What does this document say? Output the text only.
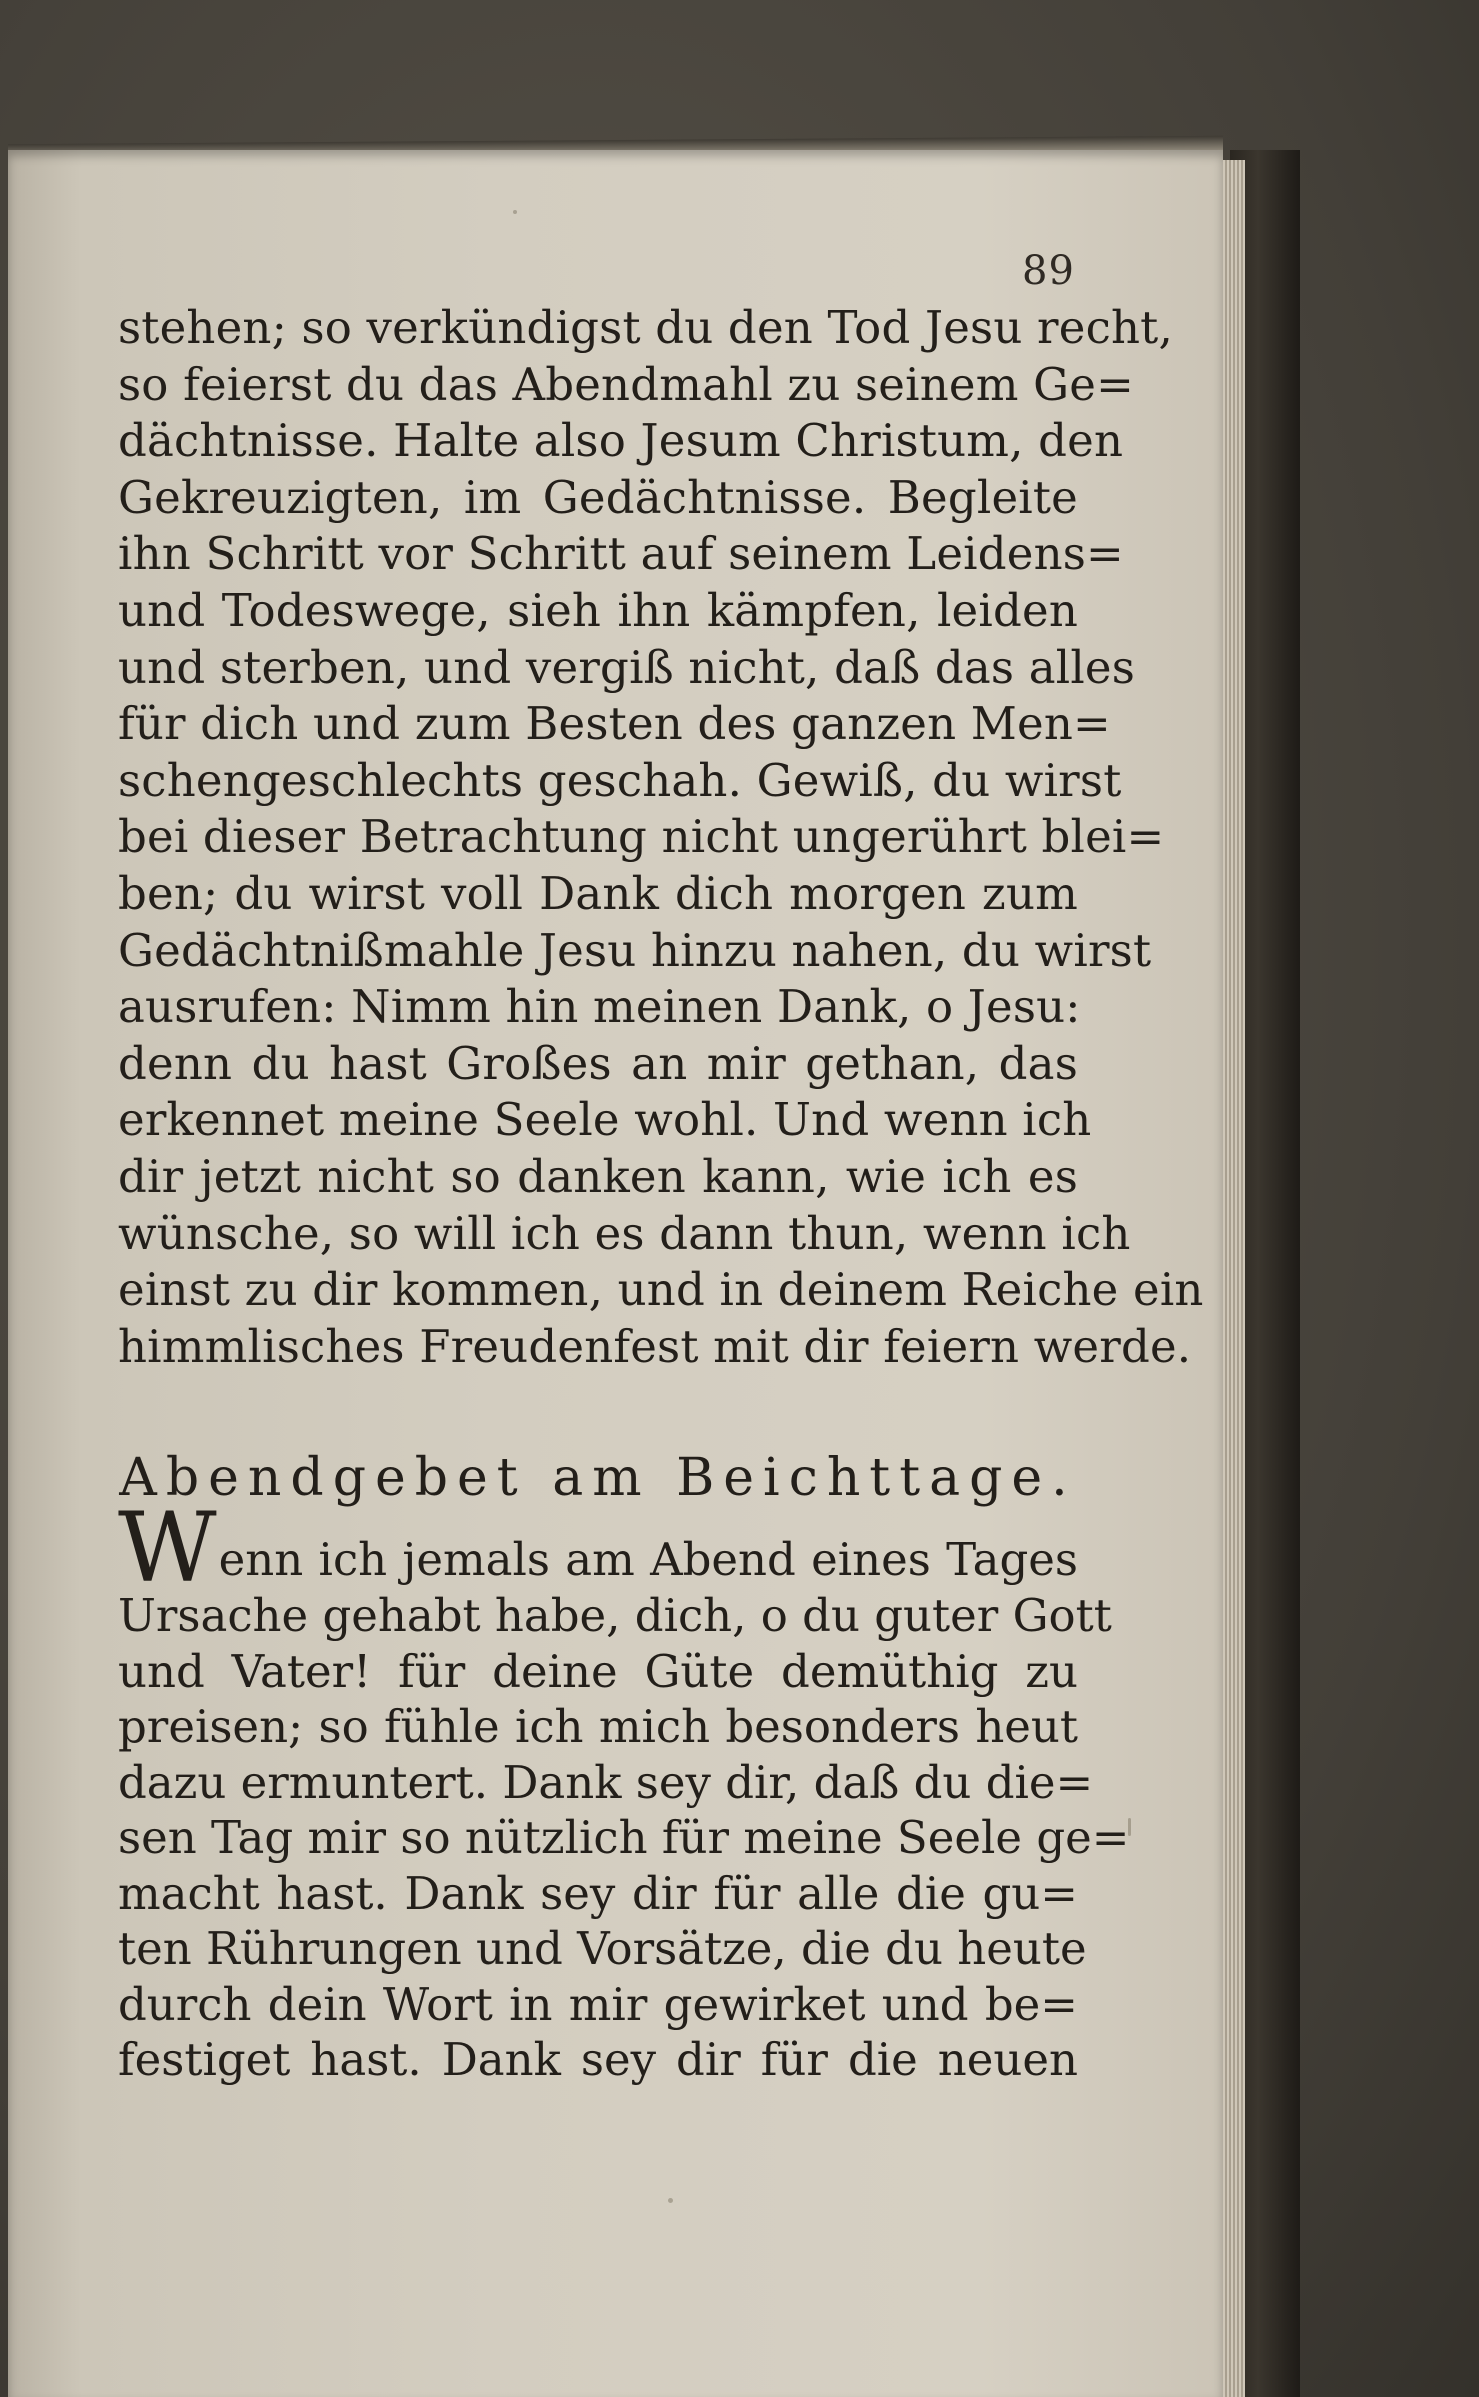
89
stehen; so verkündigst du den Tod Jesu recht,
so feierst du das Abendmahl zu seinem Ge=
dächtnisse. Halte also Jesum Christum, den
Gekreuzigten, im Gedächtnisse. Begleite
ihn Schritt vor Schritt auf seinem Leidens=
und Todeswege, sieh ihn kämpfen, leiden
und sterben, und vergiß nicht, daß das alles
für dich und zum Besten des ganzen Men=
schengeschlechts geschah. Gewiß, du wirst
bei dieser Betrachtung nicht ungerührt blei=
ben; du wirst voll Dank dich morgen zum
Gedächtnißmahle Jesu hinzu nahen, du wirst
ausrufen: Nimm hin meinen Dank, o Jesu:
denn du hast Großes an mir gethan, das
erkennet meine Seele wohl. Und wenn ich
dir jetzt nicht so danken kann, wie ich es
wünsche, so will ich es dann thun, wenn ich
einst zu dir kommen, und in deinem Reiche ein
himmlisches Freudenfest mit dir feiern werde.
Abendgebet am Beichttage.
W enn ich jemals am Abend eines Tages
Ursache gehabt habe, dich, o du guter Gott
und Vater! für deine Güte demüthig zu
preisen; so fühle ich mich besonders heut
dazu ermuntert. Dank sey dir, daß du die=
sen Tag mir so nützlich für meine Seele ge=
macht hast. Dank sey dir für alle die gu=
ten Rührungen und Vorsätze, die du heute
durch dein Wort in mir gewirket und be=
festiget hast. Dank sey dir für die neuen
